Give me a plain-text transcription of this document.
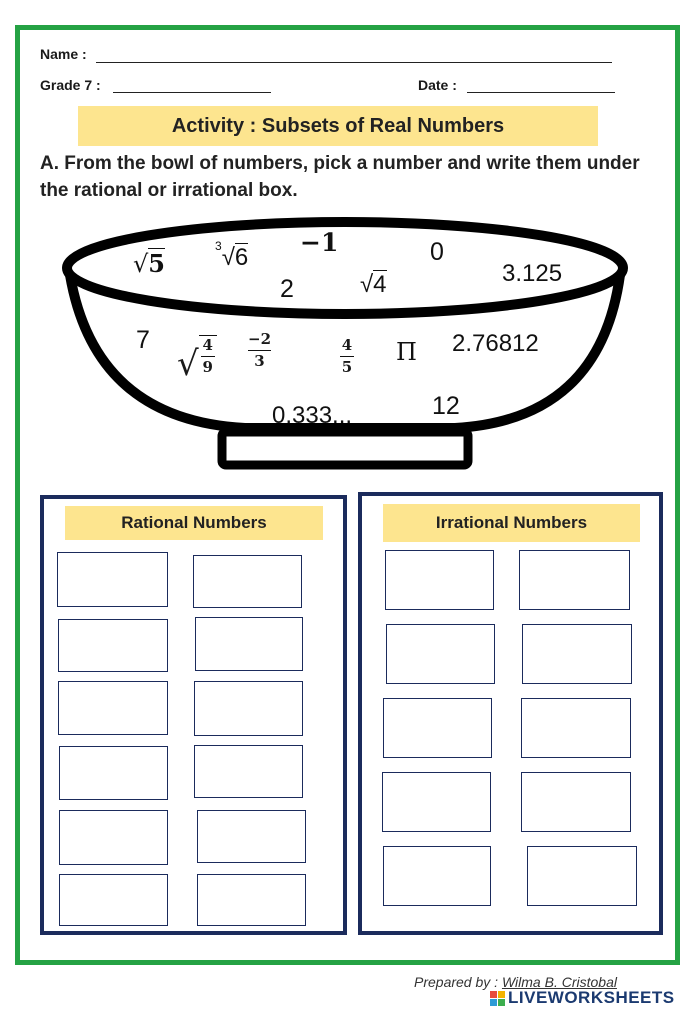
Name :
Grade 7 :	Date :
Activity : Subsets of Real Numbers
A. From the bowl of numbers, pick a number and write them under the rational or irrational box.
√5
$^3$√6
−1	0
2	√4	3.125
7
√ $\frac{4}{9} -2$
3
4
5
Π 2.76812
0.333...	12
Rational Numbers	Irrational Numbers
Prepared by : Wilma B. Cristobal
LIVEWORKSHEETS
